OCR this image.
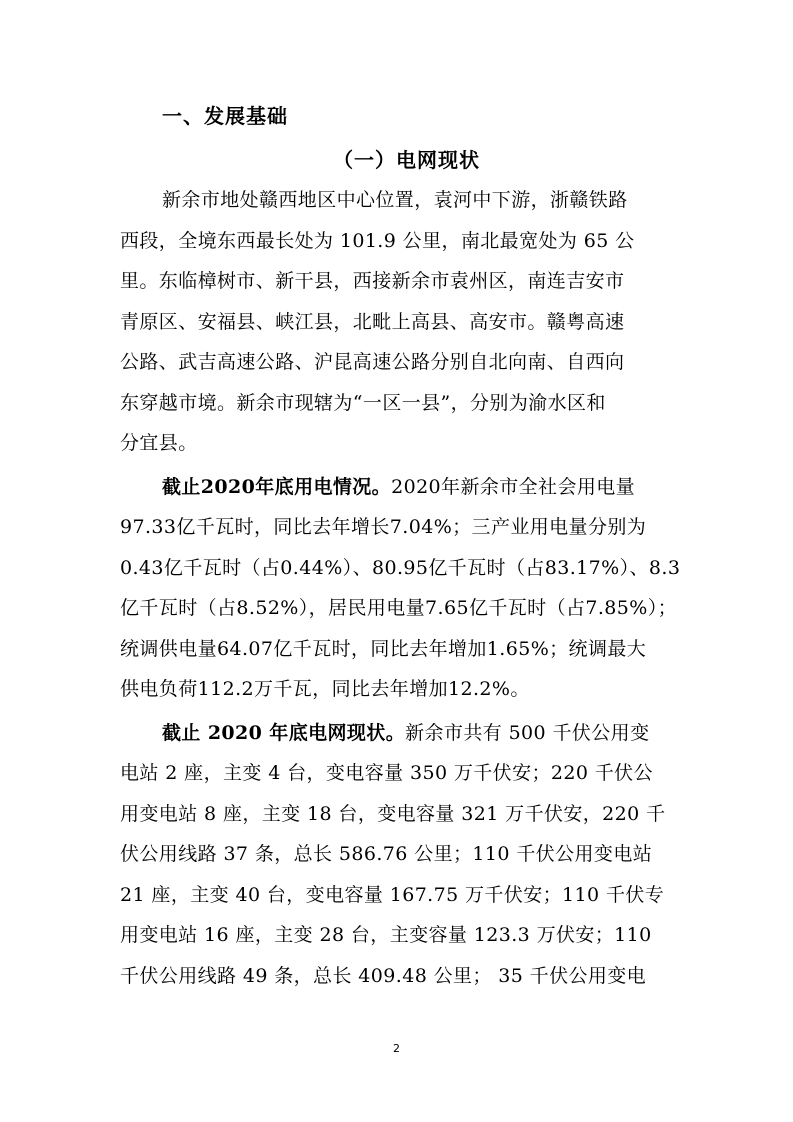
一、发展基础
（一）电网现状
新余市地处赣西地区中心位置，袁河中下游，浙赣铁路
西段，全境东西最长处为 101.9 公里，南北最宽处为 65 公
里。东临樟树市、新干县，西接新余市袁州区，南连吉安市
青原区、安福县、峡江县，北毗上高县、高安市。赣粤高速
公路、武吉高速公路、沪昆高速公路分别自北向南、自西向
东穿越市境。新余市现辖为“一区一县”，分别为渝水区和
分宜县。
截止2020年底用电情况。2020年新余市全社会用电量
97.33亿千瓦时，同比去年增长7.04%；三产业用电量分别为
0.43亿千瓦时（占0.44%）、80.95亿千瓦时（占83.17%）、8.3
亿千瓦时（占8.52%），居民用电量7.65亿千瓦时（占7.85%）；
统调供电量64.07亿千瓦时，同比去年增加1.65%；统调最大
供电负荷112.2万千瓦，同比去年增加12.2%。
截止 2020 年底电网现状。新余市共有 500 千伏公用变
电站 2 座，主变 4 台，变电容量 350 万千伏安；220 千伏公
用变电站 8 座，主变 18 台，变电容量 321 万千伏安，220 千
伏公用线路 37 条，总长 586.76 公里；110 千伏公用变电站
21 座，主变 40 台，变电容量 167.75 万千伏安；110 千伏专
用变电站 16 座，主变 28 台，主变容量 123.3 万伏安；110
千伏公用线路 49 条，总长 409.48 公里； 35 千伏公用变电
2
